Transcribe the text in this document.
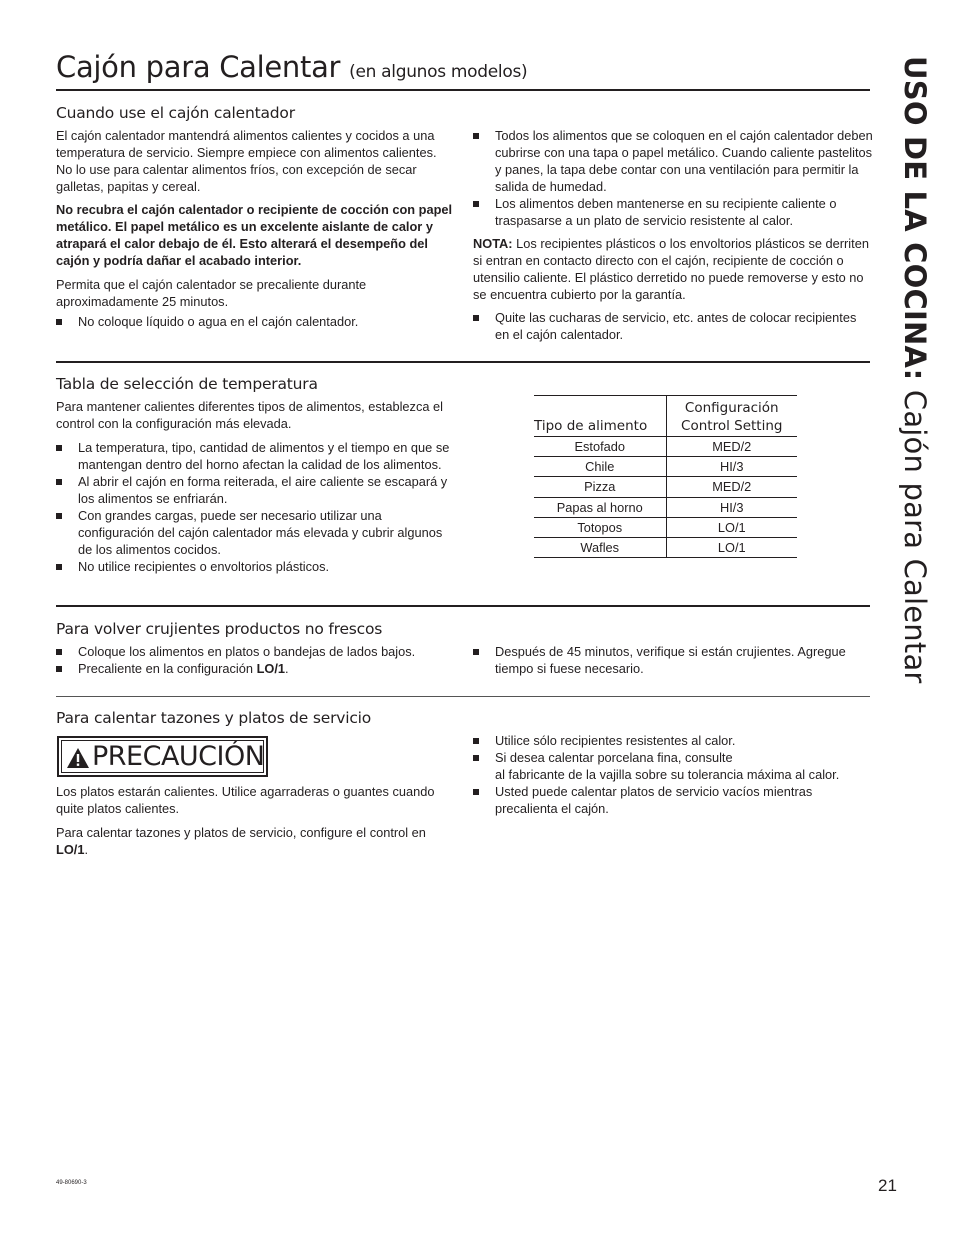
Cajón para Calentar (en algunos modelos)	USO DE LA COCINA: Cajón para Calentar
Cuando use el cajón calentador
El cajón calentador mantendrá alimentos calientes y cocidos a una temperatura de servicio. Siempre empiece con alimentos calientes. No lo use para calentar alimentos fríos, con excepción de secar galletas, papitas y cereal.
No recubra el cajón calentador o recipiente de cocción con papel metálico. El papel metálico es un excelente aislante de calor y atrapará el calor debajo de él. Esto alterará el desempeño del cajón y podría dañar el acabado interior.
Permita que el cajón calentador se precaliente durante aproximadamente 25 minutos.
No coloque líquido o agua en el cajón calentador.
Todos los alimentos que se coloquen en el cajón calentador deben cubrirse con una tapa o papel metálico. Cuando caliente pastelitos y panes, la tapa debe contar con una ventilación para permitir la salida de humedad.
Los alimentos deben mantenerse en su recipiente caliente o traspasarse a un plato de servicio resistente al calor.
NOTA: Los recipientes plásticos o los envoltorios plásticos se derriten si entran en contacto directo con el cajón, recipiente de cocción o utensilio caliente. El plástico derretido no puede removerse y esto no se encuentra cubierto por la garantía.
Quite las cucharas de servicio, etc. antes de colocar recipientes en el cajón calentador.
Tabla de selección de temperatura
Para mantener calientes diferentes tipos de alimentos, establezca el control con la configuración más elevada.
La temperatura, tipo, cantidad de alimentos y el tiempo en que se mantengan dentro del horno afectan la calidad de los alimentos.
Al abrir el cajón en forma reiterada, el aire caliente se escapará y los alimentos se enfriarán.
Con grandes cargas, puede ser necesario utilizar una configuración del cajón calentador más elevada y cubrir algunos de los alimentos cocidos.
No utilice recipientes o envoltorios plásticos.
Tipo de alimento	Configuración
Control Setting
Estofado	MED/2
Chile	HI/3
Pizza	MED/2
Papas al horno	HI/3
Totopos	LO/1
Wafles	LO/1
Para volver crujientes productos no frescos
Coloque los alimentos en platos o bandejas de lados bajos.
Precaliente en la configuración LO/1.
Después de 45 minutos, verifique si están crujientes. Agregue tiempo si fuese necesario.
Para calentar tazones y platos de servicio
PRECAUCIÓN
Los platos estarán calientes. Utilice agarraderas o guantes cuando quite platos calientes.
Para calentar tazones y platos de servicio, configure el control en LO/1.
Utilice sólo recipientes resistentes al calor.
Si desea calentar porcelana fina, consulte
al fabricante de la vajilla sobre su tolerancia máxima al calor.
Usted puede calentar platos de servicio vacíos mientras precalienta el cajón.
49-80690-3	21
